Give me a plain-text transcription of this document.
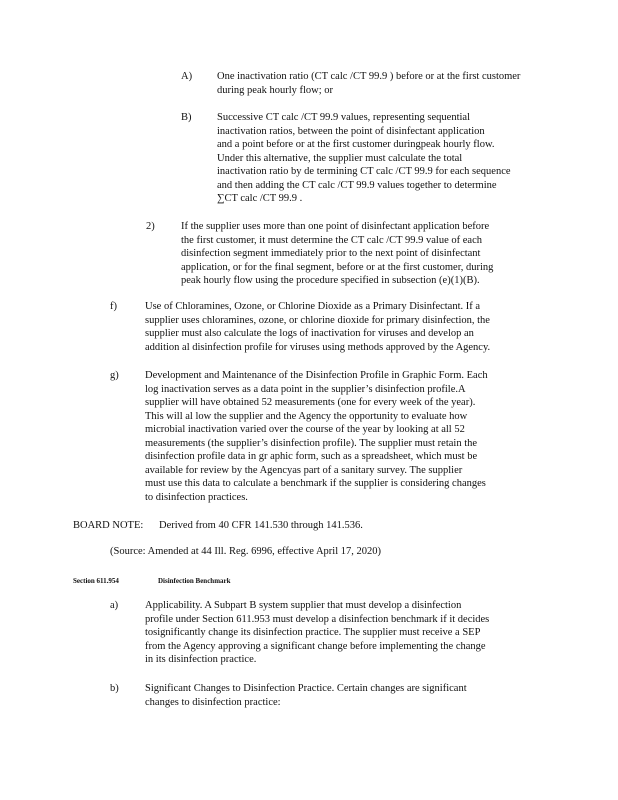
A) One inactivation ratio (CT calc /CT 99.9 ) before or at the first customer
during peak hourly flow; or
B) Successive CT calc /CT 99.9 values, representing sequential
inactivation ratios, between the point of disinfectant application
and a point before or at the first customer duringpeak hourly flow.
Under this alternative, the supplier must calculate the total
inactivation ratio by de termining CT calc /CT 99.9 for each sequence
and then adding the CT calc /CT 99.9 values together to determine
∑CT calc /CT 99.9 .
2)	If the supplier uses more than one point of disinfectant application before
the first customer, it must determine the CT calc /CT 99.9 value of each
disinfection segment immediately prior to the next point of disinfectant
application, or for the final segment, before or at the first customer, during
peak hourly flow using the procedure specified in subsection (e)(1)(B).
f)	Use of Chloramines, Ozone, or Chlorine Dioxide as a Primary Disinfectant. If a
supplier uses chloramines, ozone, or chlorine dioxide for primary disinfection, the
supplier must also calculate the logs of inactivation for viruses and develop an
addition al disinfection profile for viruses using methods approved by the Agency.
g)	Development and Maintenance of the Disinfection Profile in Graphic Form. Each
log inactivation serves as a data point in the supplier’s disinfection profile.A
supplier will have obtained 52 measurements (one for every week of the year).
This will al low the supplier and the Agency the opportunity to evaluate how
microbial inactivation varied over the course of the year by looking at all 52
measurements (the supplier’s disinfection profile). The supplier must retain the
disinfection profile data in gr aphic form, such as a spreadsheet, which must be
available for review by the Agencyas part of a sanitary survey. The supplier
must use this data to calculate a benchmark if the supplier is considering changes
to disinfection practices.
BOARD NOTE: Derived from 40 CFR 141.530 through 141.536.
(Source: Amended at 44 Ill. Reg. 6996, effective April 17, 2020)
Section 611.954	Disinfection Benchmark
a)	Applicability. A Subpart B system supplier that must develop a disinfection
profile under Section 611.953 must develop a disinfection benchmark if it decides
tosignificantly change its disinfection practice. The supplier must receive a SEP
from the Agency approving a significant change before implementing the change
in its disinfection practice.
b)	Significant Changes to Disinfection Practice. Certain changes are significant
changes to disinfection practice:
